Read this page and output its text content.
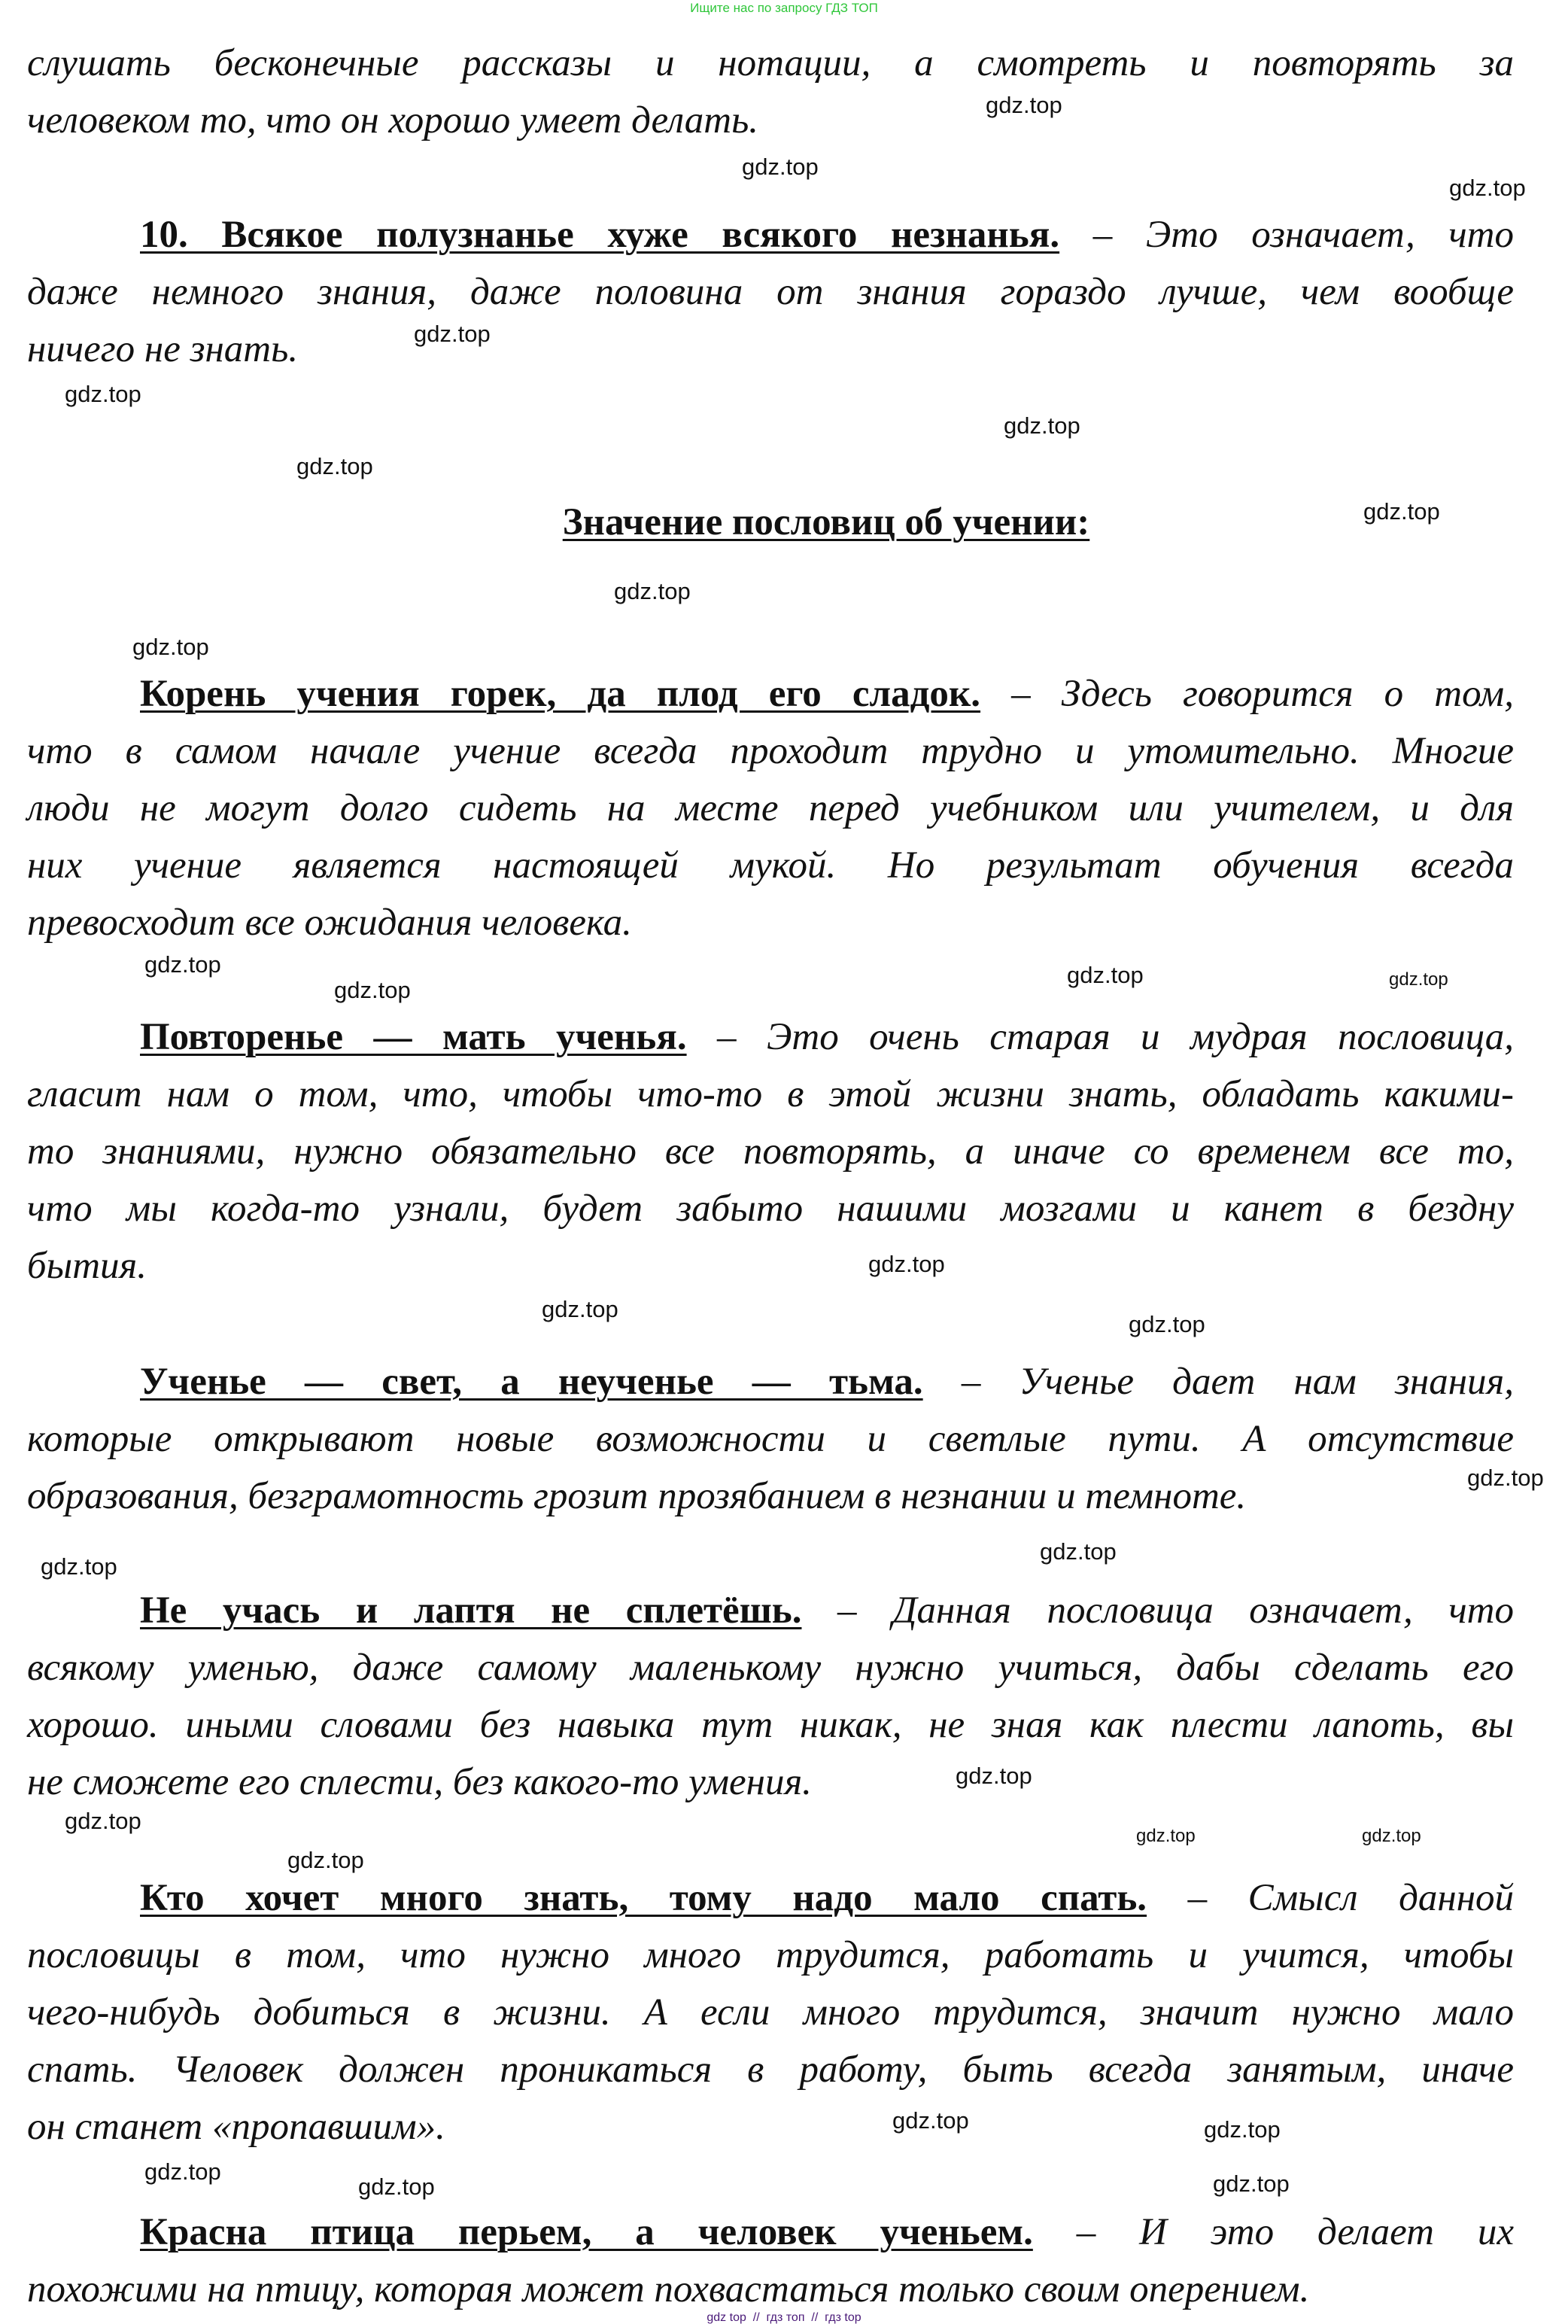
Ищите нас по запросу ГДЗ ТОП
Значение пословиц об учении:
слушать бесконечные рассказы и нотации, а смотреть и повторять за
человеком то, что он хорошо умеет делать.
10. Всякое полузнанье хуже всякого незнанья. – Это означает, что
даже немного знания, даже половина от знания гораздо лучше, чем вообще
ничего не знать.
Корень учения горек, да плод его сладок. – Здесь говорится о том,
что в самом начале учение всегда проходит трудно и утомительно. Многие
люди не могут долго сидеть на месте перед учебником или учителем, и для
них учение является настоящей мукой. Но результат обучения всегда
превосходит все ожидания человека.
Повторенье — мать ученья. – Это очень старая и мудрая пословица,
гласит нам о том, что, чтобы что-то в этой жизни знать, обладать какими-
то знаниями, нужно обязательно все повторять, а иначе со временем все то,
что мы когда-то узнали, будет забыто нашими мозгами и канет в бездну
бытия.
Ученье — свет, а неученье — тьма. – Ученье дает нам знания,
которые открывают новые возможности и светлые пути. А отсутствие
образования, безграмотность грозит прозябанием в незнании и темноте.
Не учась и лаптя не сплетёшь. – Данная пословица означает, что
всякому уменью, даже самому маленькому нужно учиться, дабы сделать его
хорошо. иными словами без навыка тут никак, не зная как плести лапоть, вы
не сможете его сплести, без какого-то умения.
Кто хочет много знать, тому надо мало спать. – Смысл данной
пословицы в том, что нужно много трудится, работать и учится, чтобы
чего-нибудь добиться в жизни. А если много трудится, значит нужно мало
спать. Человек должен проникаться в работу, быть всегда занятым, иначе
он станет «пропавшим».
Красна птица перьем, а человек ученьем. – И это делает их
похожими на птицу, которая может похвастаться только своим оперением.
gdz.top
gdz.top
gdz.top
gdz.top
gdz.top
gdz.top
gdz.top
gdz.top
gdz.top
gdz.top
gdz.top
gdz.top
gdz.top
gdz.top
gdz.top
gdz.top
gdz.top
gdz.top
gdz.top
gdz.top
gdz.top
gdz.top
gdz.top
gdz.top
gdz.top
gdz.top
gdz.top
gdz.top
gdz.top	gdz.top
gdz top  //  гдз топ  //  гдз top
